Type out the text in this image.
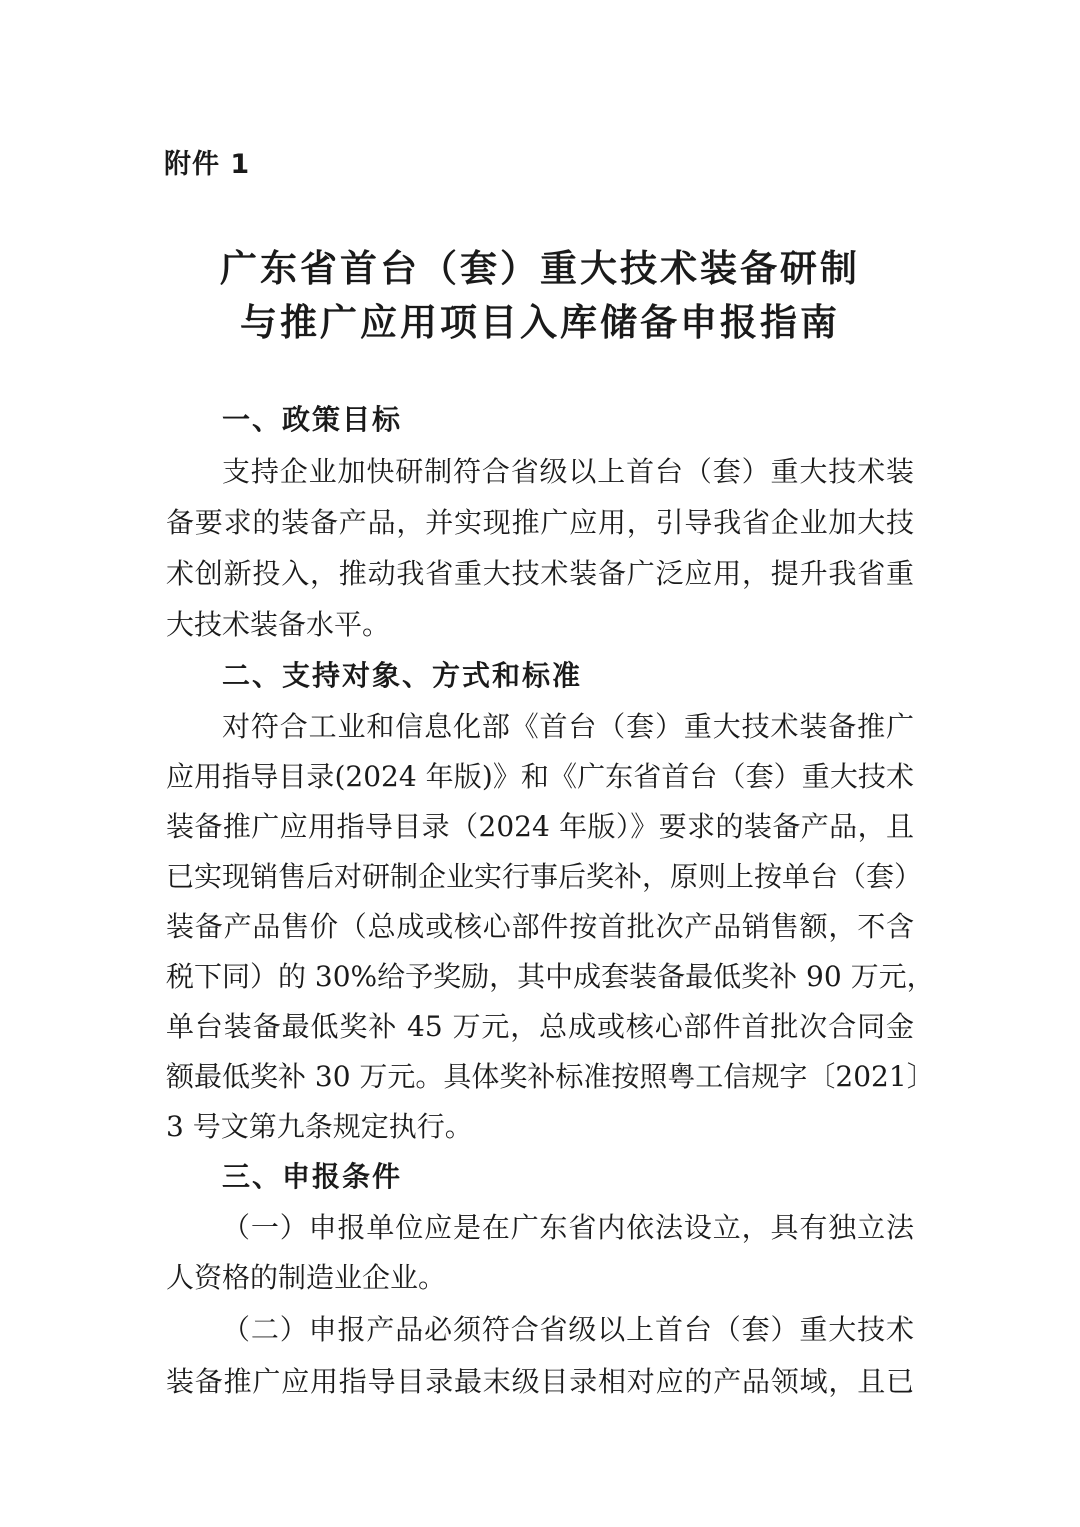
附件 1
广东省首台（套）重大技术装备研制
与推广应用项目入库储备申报指南
一、政策目标
支持企业加快研制符合省级以上首台（套）重大技术装
备要求的装备产品，并实现推广应用，引导我省企业加大技
术创新投入，推动我省重大技术装备广泛应用，提升我省重
大技术装备水平。
二、支持对象、方式和标准
对符合工业和信息化部《首台（套）重大技术装备推广
应用指导目录(2024 年版)》和《广东省首台（套）重大技术
装备推广应用指导目录（2024 年版）》要求的装备产品，且
已实现销售后对研制企业实行事后奖补，原则上按单台（套）
装备产品售价（总成或核心部件按首批次产品销售额，不含
税下同）的 30%给予奖励，其中成套装备最低奖补 90 万元，
单台装备最低奖补 45 万元，总成或核心部件首批次合同金
额最低奖补 30 万元。具体奖补标准按照粤工信规字〔2021〕
3 号文第九条规定执行。
三、申报条件
（一）申报单位应是在广东省内依法设立，具有独立法
人资格的制造业企业。
（二）申报产品必须符合省级以上首台（套）重大技术
装备推广应用指导目录最末级目录相对应的产品领域，且已
